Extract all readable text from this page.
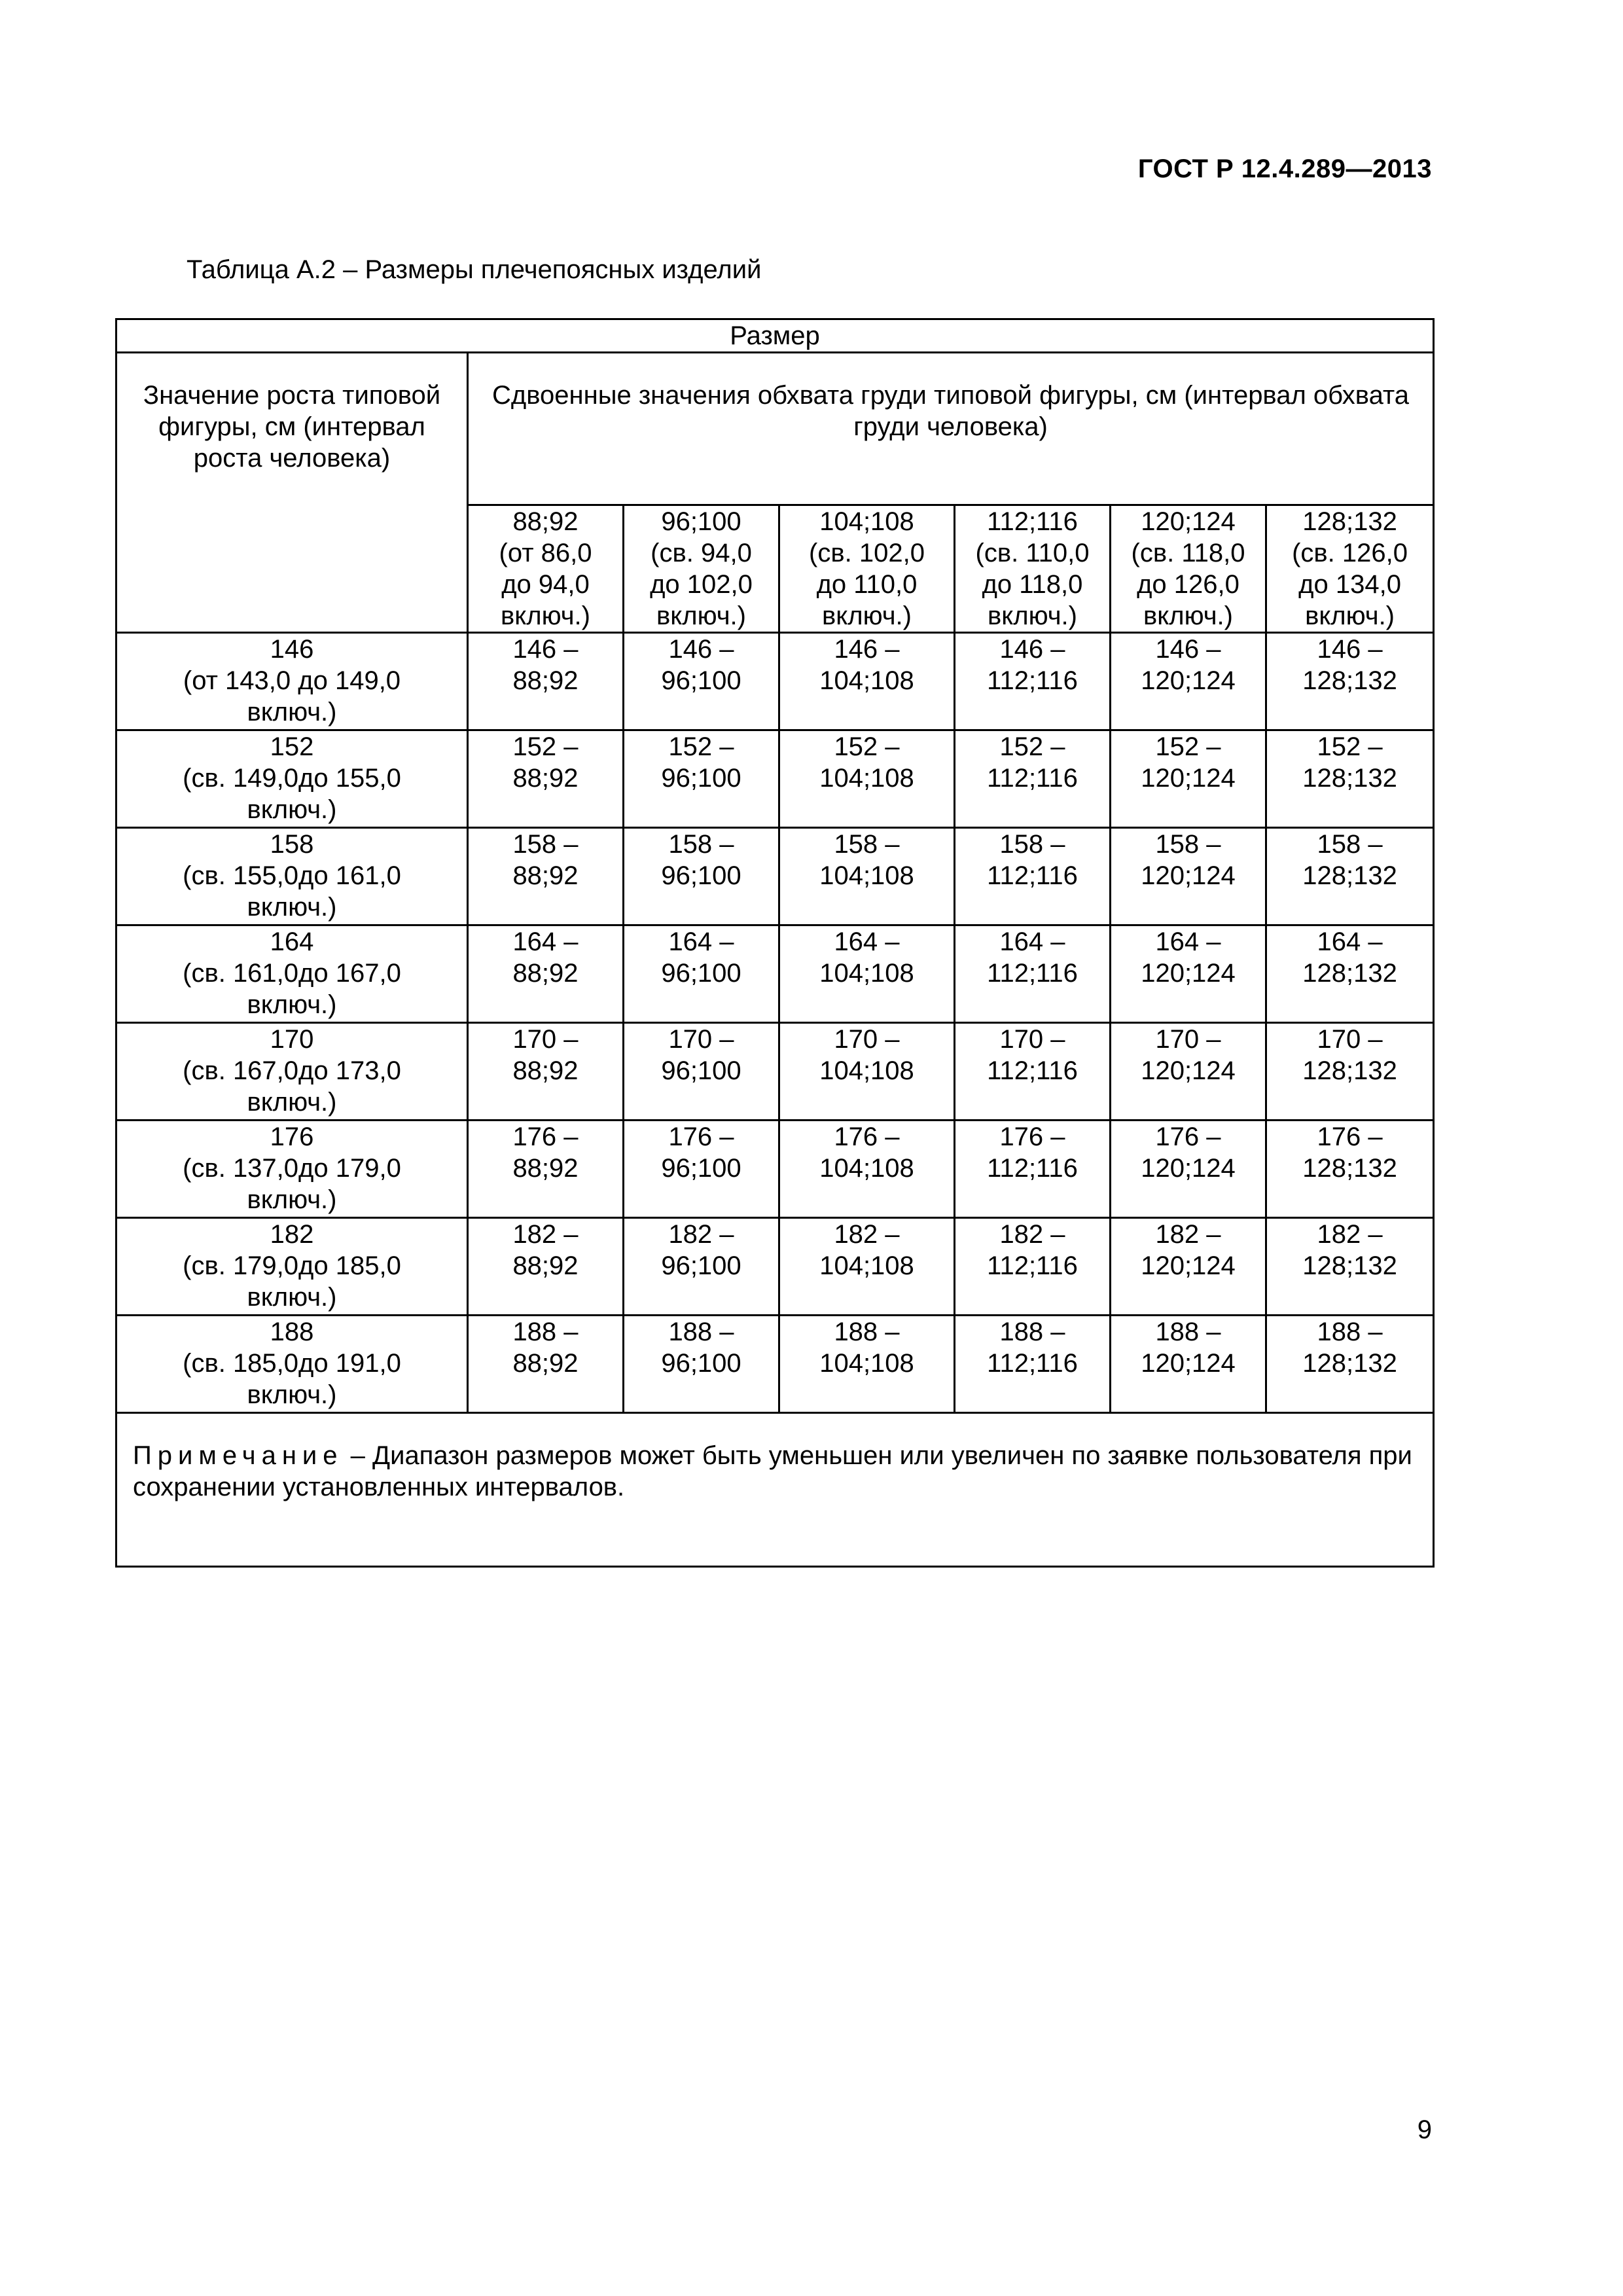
ГОСТ Р 12.4.289—2013
Таблица А.2 – Размеры плечепоясных изделий
Размер						
Значение роста типовой фигуры, см (интервал роста человека)	Сдвоенные значения обхвата груди типовой фигуры, см (интервал обхвата груди человека)					

	88;92
(от 86,0
до 94,0
включ.)	96;100
(св. 94,0
до 102,0
включ.)	104;108
(св. 102,0
до 110,0
включ.)	112;116
(св. 110,0
до 118,0
включ.)	120;124
(св. 118,0
до 126,0
включ.)	128;132
(св. 126,0
до 134,0
включ.)

146
(от 143,0 до 149,0
включ.)	146 –
88;92	146 –
96;100	146 –
104;108	146 –
112;116	146 –
120;124	146 –
128;132

152
(св. 149,0до 155,0
включ.)	152 –
88;92	152 –
96;100	152 –
104;108	152 –
112;116	152 –
120;124	152 –
128;132

158
(св. 155,0до 161,0
включ.)	158 –
88;92	158 –
96;100	158 –
104;108	158 –
112;116	158 –
120;124	158 –
128;132

164
(св. 161,0до 167,0
включ.)	164 –
88;92	164 –
96;100	164 –
104;108	164 –
112;116	164 –
120;124	164 –
128;132

170
(св. 167,0до 173,0
включ.)	170 –
88;92	170 –
96;100	170 –
104;108	170 –
112;116	170 –
120;124	170 –
128;132

176
(св. 137,0до 179,0
включ.)	176 –
88;92	176 –
96;100	176 –
104;108	176 –
112;116	176 –
120;124	176 –
128;132

182
(св. 179,0до 185,0
включ.)	182 –
88;92	182 –
96;100	182 –
104;108	182 –
112;116	182 –
120;124	182 –
128;132

188
(св. 185,0до 191,0
включ.)	188 –
88;92	188 –
96;100	188 –
104;108	188 –
112;116	188 –
120;124	188 –
128;132

Примечание – Диапазон размеров может быть уменьшен или увеличен по заявке пользователя при сохранении установленных интервалов.						
9
